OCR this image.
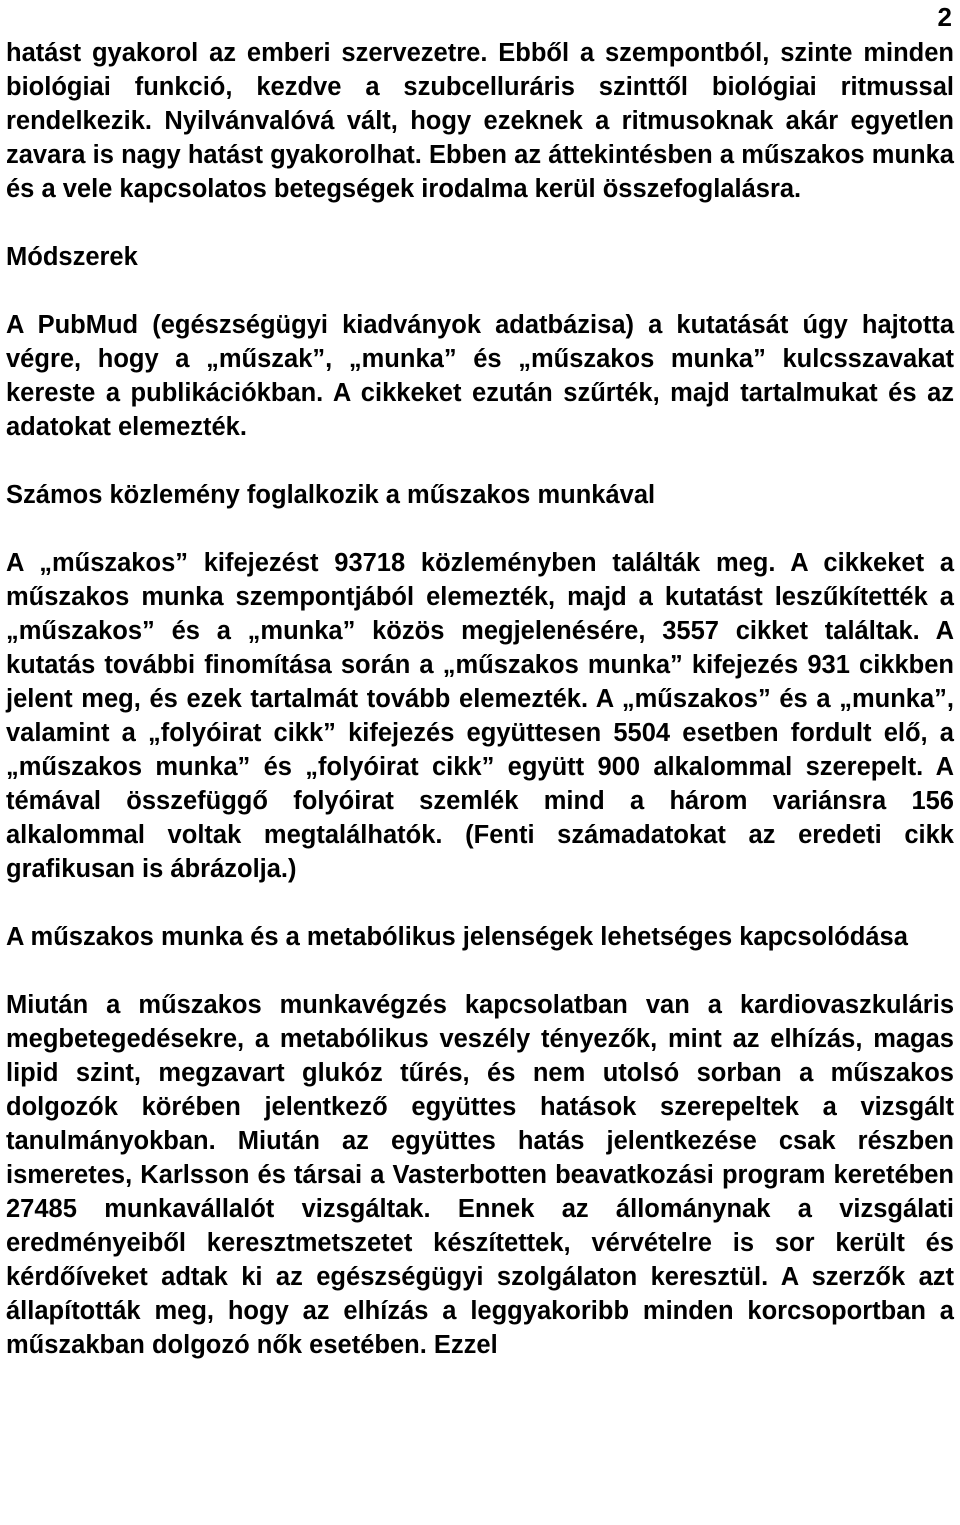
2

hatást gyakorol az emberi szervezetre. Ebből a szempontból, szinte minden biológiai funkció, kezdve a szubcelluráris szinttől biológiai ritmussal rendelkezik. Nyilvánvalóvá vált, hogy ezeknek a ritmusoknak akár egyetlen zavara is nagy hatást gyakorolhat. Ebben az áttekintésben a műszakos munka és a vele kapcsolatos betegségek irodalma kerül összefoglalásra.

Módszerek

A PubMud (egészségügyi kiadványok adatbázisa) a kutatását úgy hajtotta végre, hogy a „műszak”, „munka” és „műszakos munka” kulcsszavakat kereste a publikációkban. A cikkeket ezután szűrték, majd tartalmukat és az adatokat elemezték.

Számos közlemény foglalkozik a műszakos munkával

A „műszakos” kifejezést 93718 közleményben találták meg. A cikkeket a műszakos munka szempontjából elemezték, majd a kutatást leszűkítették a „műszakos” és a „munka” közös megjelenésére, 3557 cikket találtak. A kutatás további finomítása során a „műszakos munka” kifejezés 931 cikkben jelent meg, és ezek tartalmát tovább elemezték. A „műszakos” és a „munka”, valamint a „folyóirat cikk” kifejezés együttesen 5504 esetben fordult elő, a „műszakos munka” és „folyóirat cikk” együtt 900 alkalommal szerepelt. A témával összefüggő folyóirat szemlék mind a három variánsra 156 alkalommal voltak megtalálhatók. (Fenti számadatokat az eredeti cikk grafikusan is ábrázolja.)

A műszakos munka és a metabólikus jelenségek lehetséges kapcsolódása

Miután a műszakos munkavégzés kapcsolatban van a kardiovaszkuláris megbetegedésekre, a metabólikus veszély tényezők, mint az elhízás, magas lipid szint, megzavart glukóz tűrés, és nem utolsó sorban a műszakos dolgozók körében jelentkező együttes hatások szerepeltek a vizsgált tanulmányokban. Miután az együttes hatás jelentkezése csak részben ismeretes, Karlsson és társai a Vasterbotten beavatkozási program keretében 27485 munkavállalót vizsgáltak. Ennek az állománynak a vizsgálati eredményeiből keresztmetszetet készítettek, vérvételre is sor került és kérdőíveket adtak ki az egészségügyi szolgálaton keresztül. A szerzők azt állapították meg, hogy az elhízás a leggyakoribb minden korcsoportban a műszakban dolgozó nők esetében. Ezzel
